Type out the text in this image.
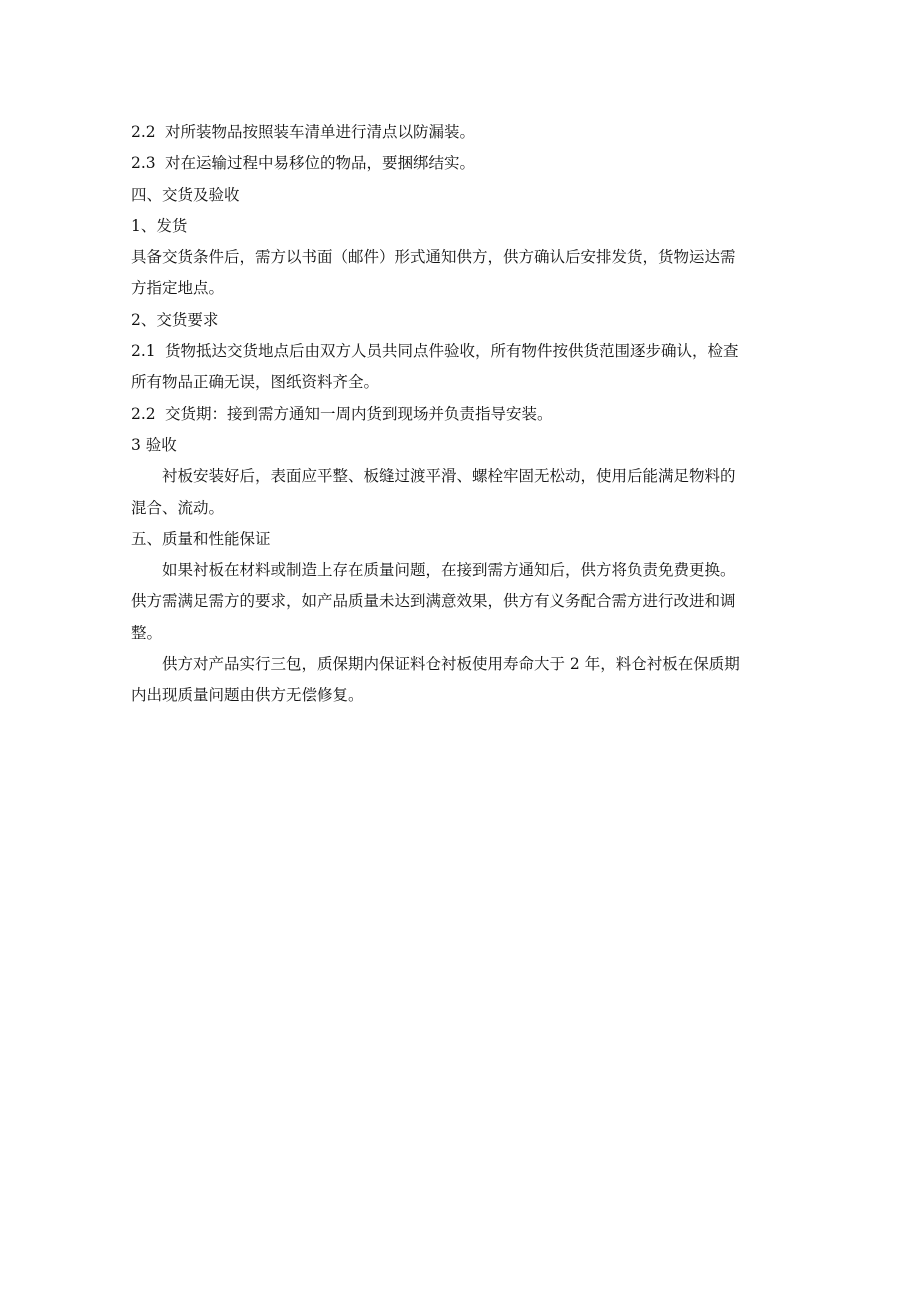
2.2 对所装物品按照装车清单进行清点以防漏装。

2.3 对在运输过程中易移位的物品，要捆绑结实。

四、交货及验收

1、发货

具备交货条件后，需方以书面（邮件）形式通知供方，供方确认后安排发货，货物运达需

方指定地点。

2、交货要求

2.1 货物抵达交货地点后由双方人员共同点件验收，所有物件按供货范围逐步确认，检查

所有物品正确无误，图纸资料齐全。

2.2 交货期：接到需方通知一周内货到现场并负责指导安装。

3 验收

衬板安装好后，表面应平整、板缝过渡平滑、螺栓牢固无松动，使用后能满足物料的

混合、流动。

五、质量和性能保证

如果衬板在材料或制造上存在质量问题，在接到需方通知后，供方将负责免费更换。

供方需满足需方的要求，如产品质量未达到满意效果，供方有义务配合需方进行改进和调

整。

供方对产品实行三包，质保期内保证料仓衬板使用寿命大于 2 年，料仓衬板在保质期

内出现质量问题由供方无偿修复。
